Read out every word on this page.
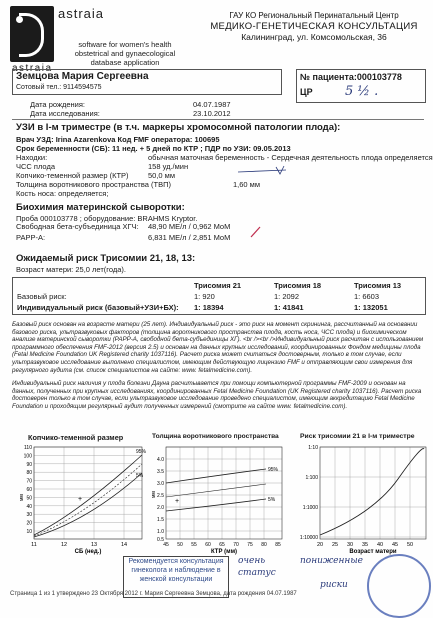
astraia
astraia
software for women's health obstetrical and gynaecological database application
ГАУ КО Региональный Перинатальный Центр
МЕДИКО-ГЕНЕТИЧЕСКАЯ КОНСУЛЬТАЦИЯ
Калининград, ул. Комсомольская, 36
Земцова Мария Сергеевна
Сотовый тел.: 9114594575
№ пациента:000103778
ЦР 5 ½ .
Дата рождения:	04.07.1987
Дата исследования:	23.10.2012
УЗИ в I-м триместре (в т.ч. маркеры хромосомной патологии плода):
Врач УЗД: Irina Azarenkova Код FMF оператора: 100695
Срок беременности (СБ): 11 нед. + 5 дней по КТР ; ПДР по УЗИ: 09.05.2013
Находки:	обычная маточная беременность - Сердечная деятельность плода определяется
ЧСС плода	158 уд./мин
Копчико-теменной размер (КТР)	50,0 мм
Толщина воротникового пространства (ТВП)	1,60 мм
Кость носа: определяется;
Биохимия материнской сыворотки:
Проба 000103778 ; оборудование: BRAHMS Kryptor.
Свободная бета-субъединица ХГЧ: 48,90 МЕ/л / 0,962 MoM
PAPP-A:	6,831 МЕ/л / 2,851 MoM
Ожидаемый риск Трисомии 21, 18, 13:
Возраст матери: 25,0 лет(года).
	Трисомия 21	Трисомия 18	Трисомия 13
Базовый риск:	1: 920	1: 2092	1: 6603
Индивидуальный риск (базовый+УЗИ+БХ):	1: 18394	1: 41841	1: 132051
Базовый риск основан на возрасте матери (25 лет). Индивидуальный риск - это риск на момент скрининга, рассчитанный на основании базового риска, ультразвуковых факторов (толщина воротникового пространства плода, кость носа, ЧСС плода) и биохимическом анализе материнской сыворотки (PAPP-A, свободной бета-субъединицы ХГ). <br /><br />Индивидуальный риск расчитан с использованием программного обеспечения FMF-2012 (версия 2.5) и основан на данных крупных исследований, координированных Фондом медицины плода (Fetal Medicine Foundation UK Registered charity 1037116). Расчет риска может считаться достоверным, только в том случае, если ультразвуковое исследование выполнено специалистом, имеющим действующую лицензию FMF и отправляющим свои измерения для регулярного аудита (см. список специалистов на сайте: www. fetalmedicine.com).
Индивидуальный риск наличия у плода болезни Дауна расчитывается при помощи компьютерной программы FMF-2009 и основан на данных, полученных при крупных исследованиях, координированных Fetal Medicine Foundation (UK Registered charity 1037116). Расчет риска достоверен только в том случае, если ультразвуковое исследование проведено специалистом, имеющим аккредитацию Fetal Medicine Foundation и проходящим регулярный аудит полученных измерений (смотрите на сайте www. fetalmedicine.com).
Копчико-теменной размер	Толщина воротникового пространства	Риск трисомии 21 в I-м триместре
95%
5%
+
110
100
90
80
70
60
50
40
30
20
10
мм
11	12	13	14
СБ (нед.)
95%
5%
+
4.0
3.5
3.0
2.5
2.0
1.5
1.0
0.5
мм
45 50 55 60 65 70 75 80 85
КТР (мм)
1:10
1:100
1:1000
1:10000
20 25 30 35 40 45 50
Возраст матери
Рекомендуется консультация гинеколога и наблюдение в женской консультации
очень	пониженные
статус
риски
Страница 1 из 1 утверждено 23 Октября 2012 г. Мария Сергеевна Земцова, дата рождения 04.07.1987
